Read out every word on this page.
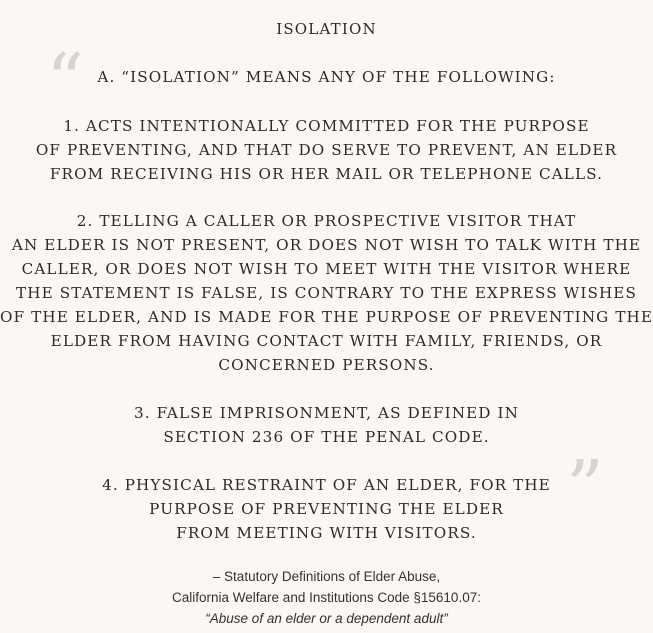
ISOLATION
“
”
A. “ISOLATION” MEANS ANY OF THE FOLLOWING:
1. ACTS INTENTIONALLY COMMITTED FOR THE PURPOSE
OF PREVENTING, AND THAT DO SERVE TO PREVENT, AN ELDER
FROM RECEIVING HIS OR HER MAIL OR TELEPHONE CALLS.
2. TELLING A CALLER OR PROSPECTIVE VISITOR THAT
AN ELDER IS NOT PRESENT, OR DOES NOT WISH TO TALK WITH THE
CALLER, OR DOES NOT WISH TO MEET WITH THE VISITOR WHERE
THE STATEMENT IS FALSE, IS CONTRARY TO THE EXPRESS WISHES
OF THE ELDER, AND IS MADE FOR THE PURPOSE OF PREVENTING THE
ELDER FROM HAVING CONTACT WITH FAMILY, FRIENDS, OR
CONCERNED PERSONS.
3. FALSE IMPRISONMENT, AS DEFINED IN
SECTION 236 OF THE PENAL CODE.
4. PHYSICAL RESTRAINT OF AN ELDER, FOR THE
PURPOSE OF PREVENTING THE ELDER
FROM MEETING WITH VISITORS.
– Statutory Definitions of Elder Abuse,
California Welfare and Institutions Code §15610.07:
“Abuse of an elder or a dependent adult”
